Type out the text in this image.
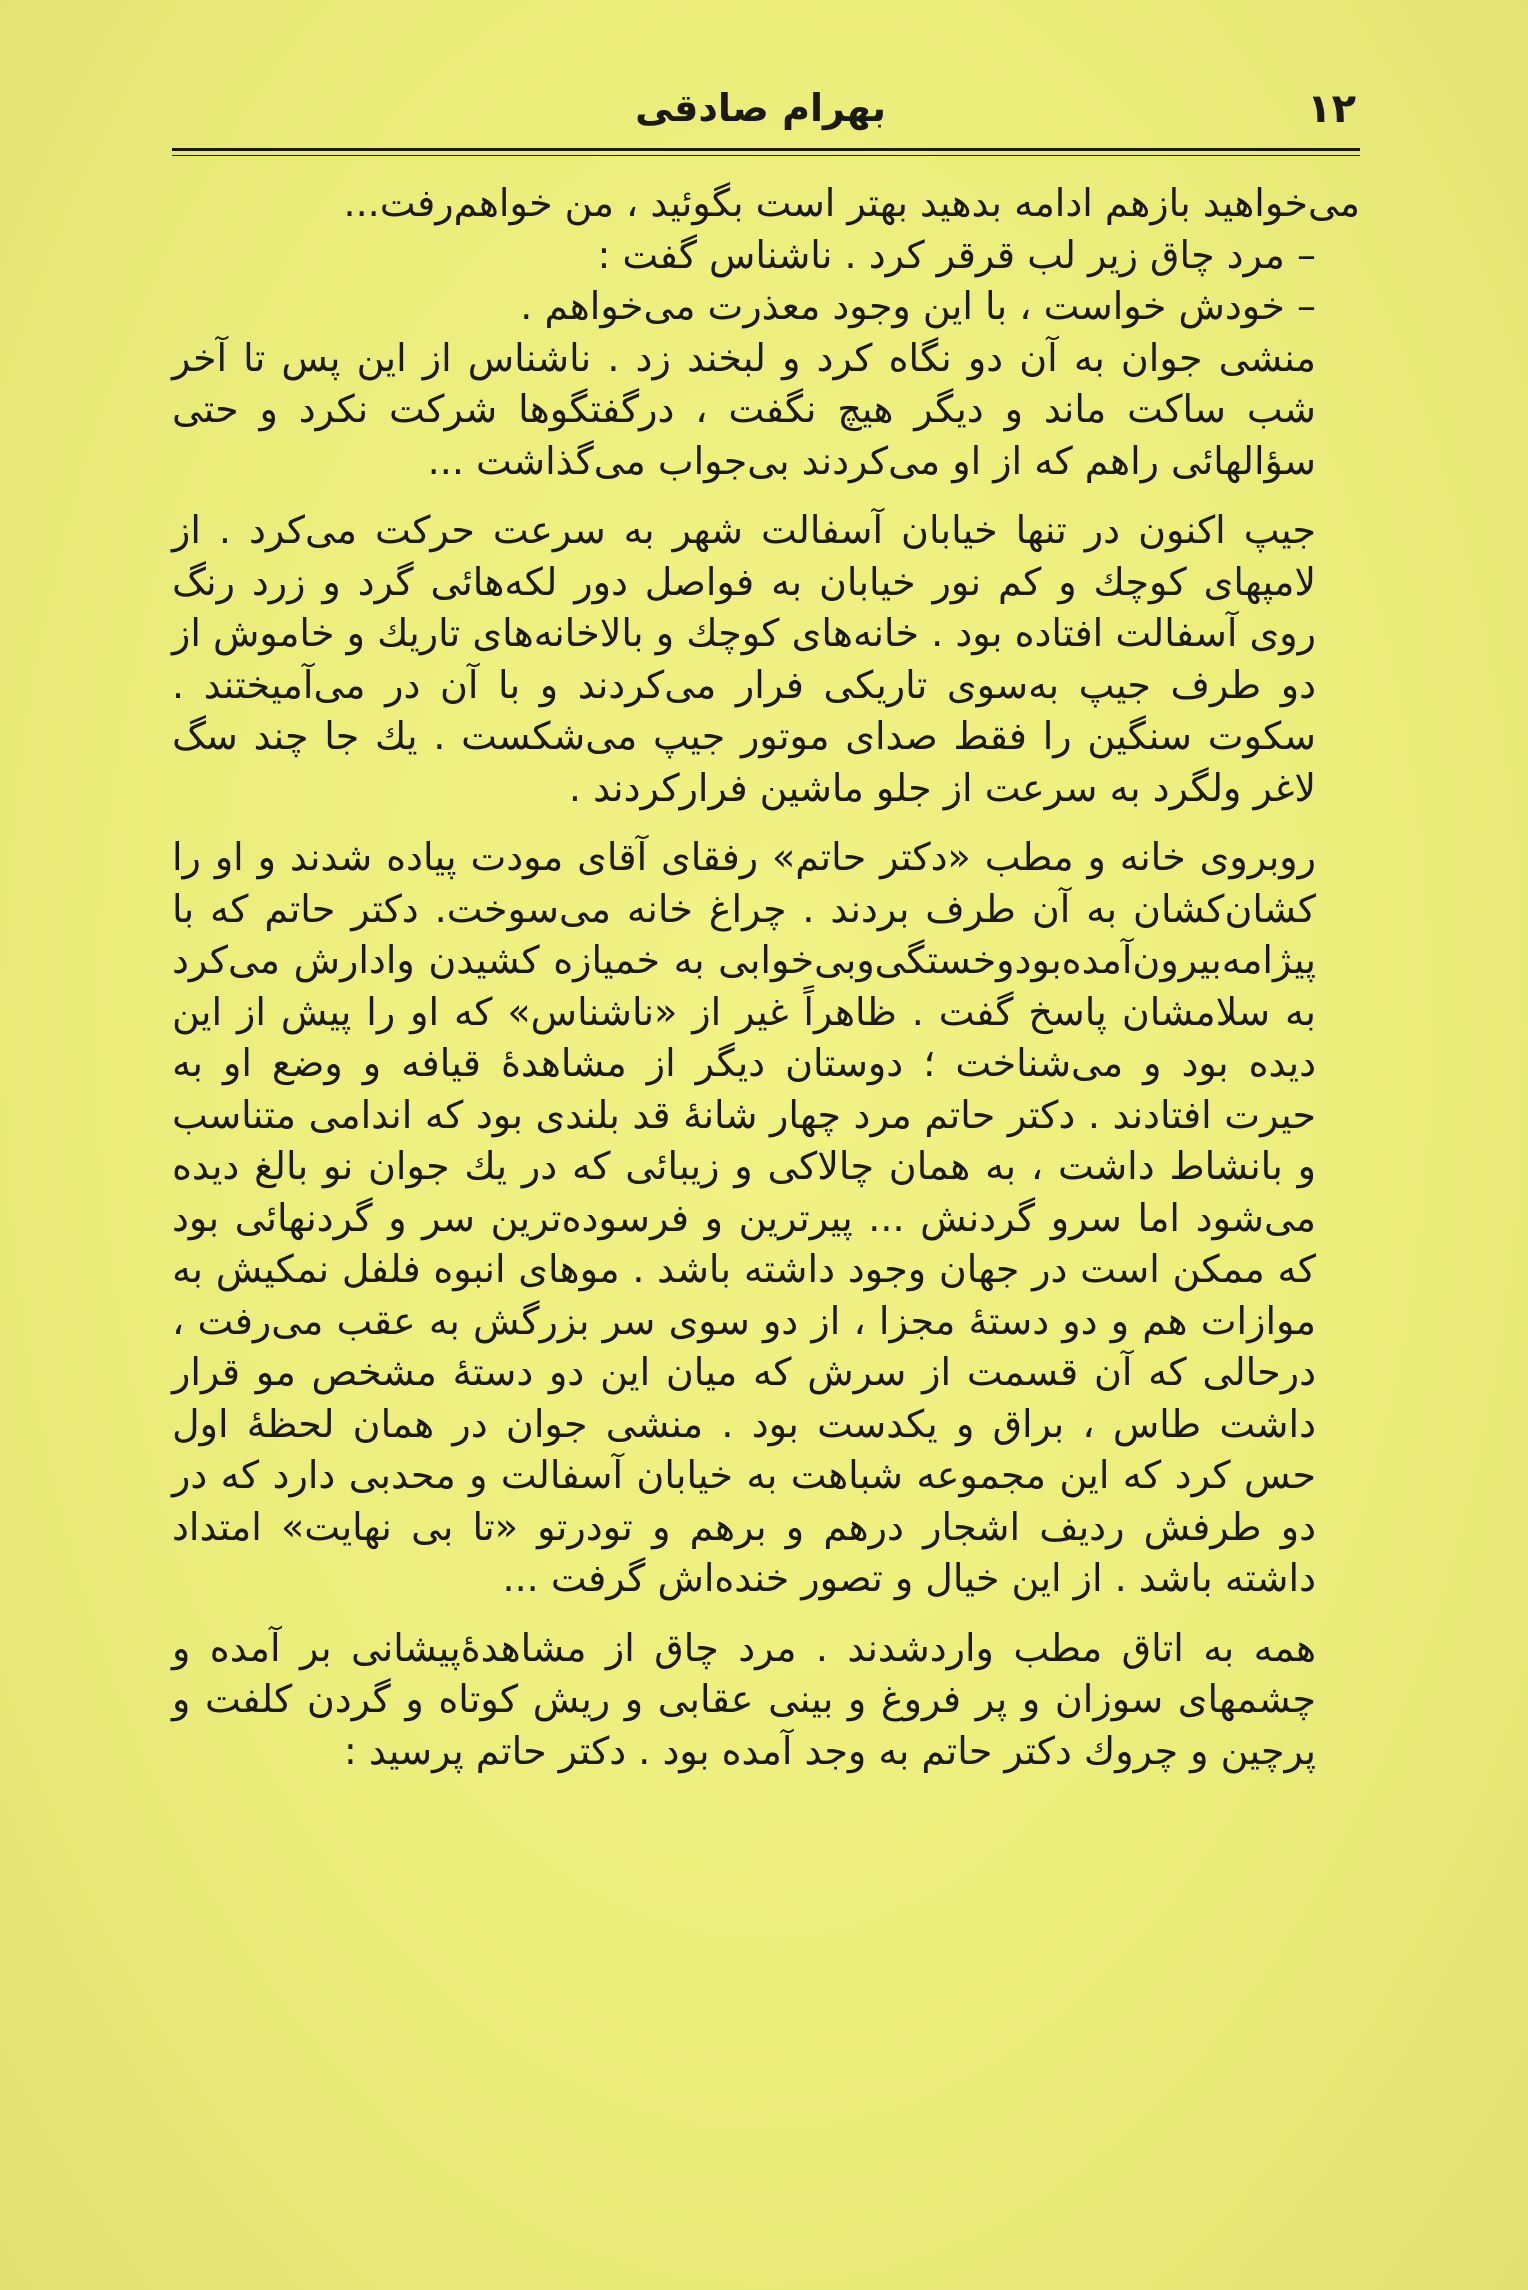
١٢
بهرام صادقی

می‌خواهید بازهم ادامه بدهید بهتر است بگوئید ، من خواهم‌رفت...

– مرد چاق زیر لب قرقر کرد . ناشناس گفت :

– خودش خواست ، با این وجود معذرت می‌خواهم .

منشی جوان به آن دو نگاه کرد و لبخند زد . ناشناس از این پس تا آخر شب ساکت ماند و دیگر هیچ نگفت ، درگفتگوها شرکت نکرد و حتی سؤالهائی راهم که از او می‌کردند بی‌جواب می‌گذاشت ...

جیپ اکنون در تنها خیابان آسفالت شهر به سرعت حرکت می‌کرد . از لامپهای کوچك و کم نور خیابان به فواصل دور لکه‌هائی گرد و زرد رنگ روی آسفالت افتاده بود . خانه‌های کوچك و بالاخانه‌های تاریك و خاموش از دو طرف جیپ به‌سوی تاریکی فرار می‌کردند و با آن در می‌آمیختند . سکوت سنگین را فقط صدای موتور جیپ می‌شکست . یك جا چند سگ لاغر ولگرد به سرعت از جلو ماشین فرارکردند .

روبروی خانه و مطب «دکتر حاتم» رفقای آقای مودت پیاده شدند و او را کشان‌کشان به آن طرف بردند . چراغ خانه می‌سوخت. دکتر حاتم که با پیژامه‌بیرون‌آمده‌بودوخستگی‌وبی‌خوابی به خمیازه کشیدن وادارش می‌کرد به سلامشان پاسخ گفت . ظاهراً غیر از «ناشناس» که او را پیش از این دیده بود و می‌شناخت ؛ دوستان دیگر از مشاهدهٔ قیافه و وضع او به حیرت افتادند . دکتر حاتم مرد چهار شانهٔ قد بلندی بود که اندامی متناسب و بانشاط داشت ، به همان چالاکی و زیبائی که در یك جوان نو بالغ دیده می‌شود اما سرو گردنش ... پیرترین و فرسوده‌ترین سر و گردنهائی بود که ممکن است در جهان وجود داشته باشد . موهای انبوه فلفل نمکیش به موازات هم و دو دستهٔ مجزا ، از دو سوی سر بزرگش به عقب می‌رفت ، درحالی که آن قسمت از سرش که میان این دو دستهٔ مشخص مو قرار داشت طاس ، براق و یکدست بود . منشی جوان در همان لحظهٔ اول حس کرد که این مجموعه شباهت به خیابان آسفالت و محدبی دارد که در دو طرفش ردیف اشجار درهم و برهم و تودرتو «تا بی نهایت» امتداد داشته باشد . از این خیال و تصور خنده‌اش گرفت ...

همه به اتاق مطب واردشدند . مرد چاق از مشاهدهٔ‌پیشانی بر آمده و چشمهای سوزان و پر فروغ و بینی عقابی و ریش کوتاه و گردن کلفت و پرچین و چروك دکتر حاتم به وجد آمده بود . دکتر حاتم پرسید :
